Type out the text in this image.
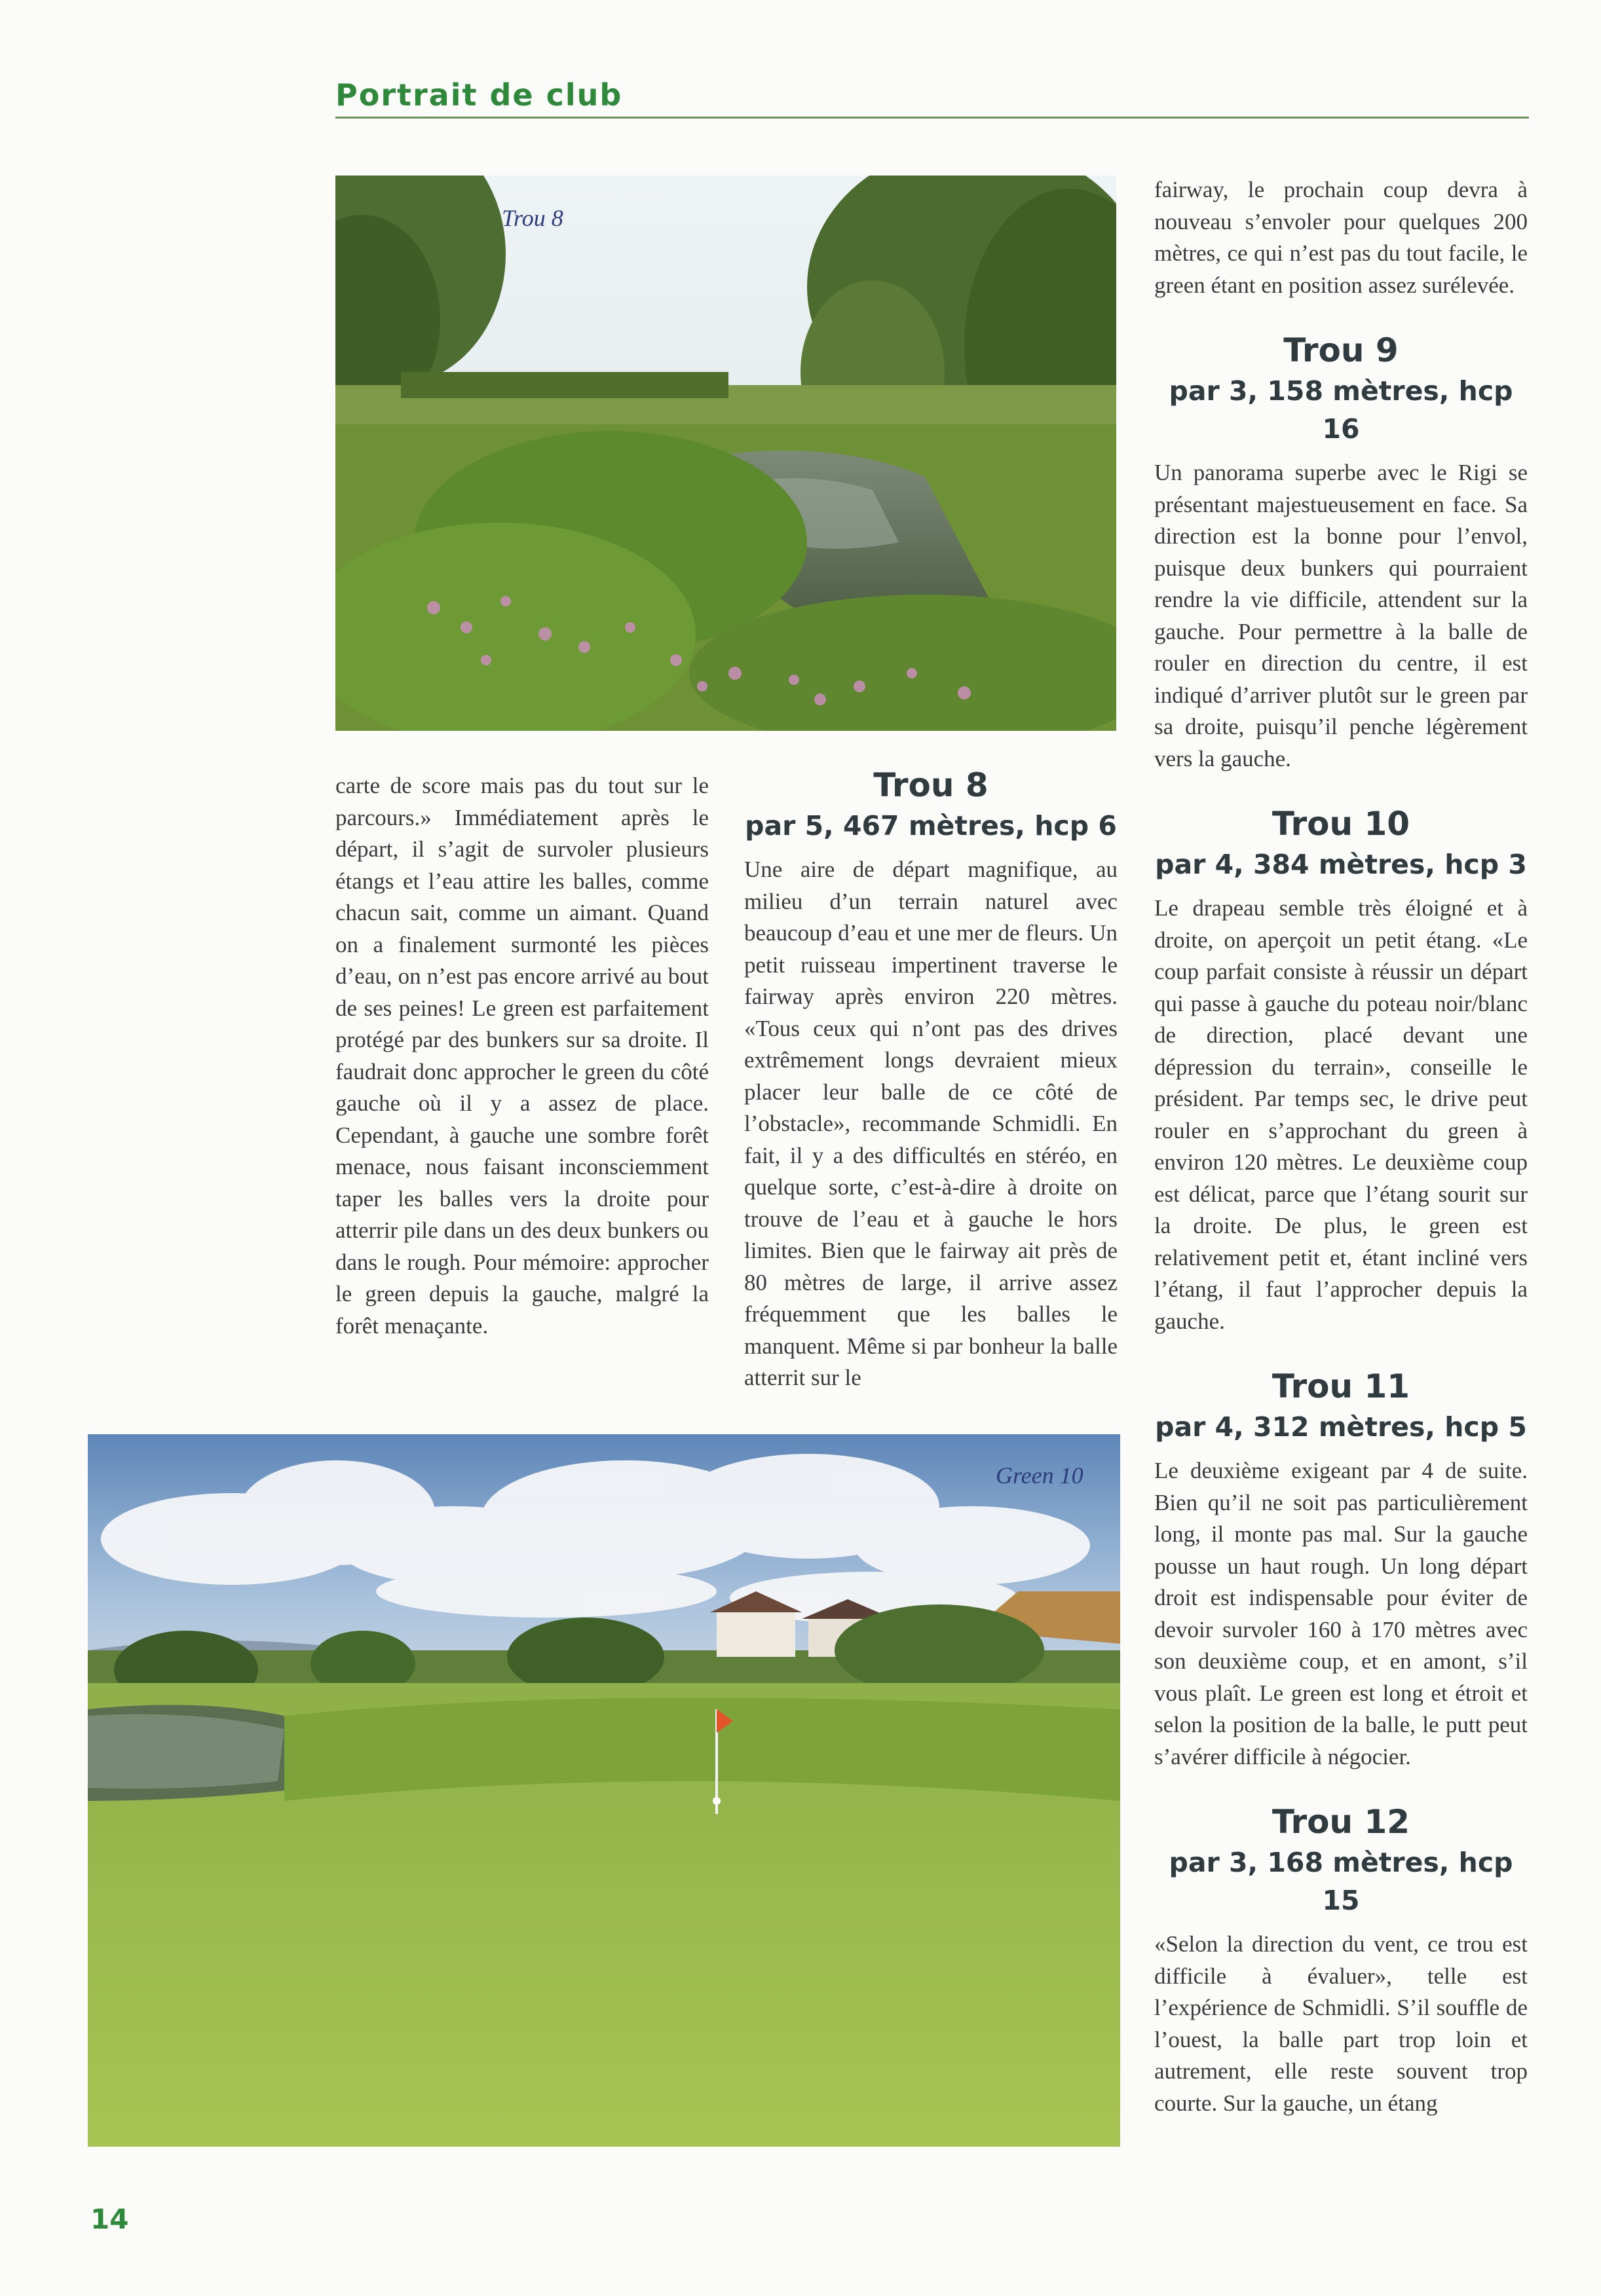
Portrait de club
Trou 8

carte de score mais pas du tout sur le parcours.» Immédiatement après le départ, il s’agit de survoler plusieurs étangs et l’eau attire les balles, comme chacun sait, comme un aimant. Quand on a finalement surmonté les pièces d’eau, on n’est pas encore arrivé au bout de ses peines! Le green est parfaitement protégé par des bunkers sur sa droite. Il faudrait donc approcher le green du côté gauche où il y a assez de place. Cependant, à gauche une sombre forêt menace, nous faisant inconsciemment taper les balles vers la droite pour atterrir pile dans un des deux bunkers ou dans le rough. Pour mémoire: approcher le green depuis la gauche, malgré la forêt menaçante.

Trou 8
par 5, 467 mètres, hcp 6

Une aire de départ magnifique, au milieu d’un terrain naturel avec beaucoup d’eau et une mer de fleurs. Un petit ruisseau impertinent traverse le fairway après environ 220 mètres. «Tous ceux qui n’ont pas des drives extrêmement longs devraient mieux placer leur balle de ce côté de l’obstacle», recommande Schmidli. En fait, il y a des difficultés en stéréo, en quelque sorte, c’est-à-dire à droite on trouve de l’eau et à gauche le hors limites. Bien que le fairway ait près de 80 mètres de large, il arrive assez fréquemment que les balles le manquent. Même si par bonheur la balle atterrit sur le

fairway, le prochain coup devra à nouveau s’envoler pour quelques 200 mètres, ce qui n’est pas du tout facile, le green étant en position assez surélevée.

Trou 9
par 3, 158 mètres, hcp 16

Un panorama superbe avec le Rigi se présentant majestueusement en face. Sa direction est la bonne pour l’envol, puisque deux bunkers qui pourraient rendre la vie difficile, attendent sur la gauche. Pour permettre à la balle de rouler en direction du centre, il est indiqué d’arriver plutôt sur le green par sa droite, puisqu’il penche légèrement vers la gauche.

Trou 10
par 4, 384 mètres, hcp 3

Le drapeau semble très éloigné et à droite, on aperçoit un petit étang. «Le coup parfait consiste à réussir un départ qui passe à gauche du poteau noir/blanc de direction, placé devant une dépression du terrain», conseille le président. Par temps sec, le drive peut rouler en s’approchant du green à environ 120 mètres. Le deuxième coup est délicat, parce que l’étang sourit sur la droite. De plus, le green est relativement petit et, étant incliné vers l’étang, il faut l’approcher depuis la gauche.

Trou 11
par 4, 312 mètres, hcp 5

Le deuxième exigeant par 4 de suite. Bien qu’il ne soit pas particulièrement long, il monte pas mal. Sur la gauche pousse un haut rough. Un long départ droit est indispensable pour éviter de devoir survoler 160 à 170 mètres avec son deuxième coup, et en amont, s’il vous plaît. Le green est long et étroit et selon la position de la balle, le putt peut s’avérer difficile à négocier.

Trou 12
par 3, 168 mètres, hcp 15

«Selon la direction du vent, ce trou est difficile à évaluer», telle est l’expérience de Schmidli. S’il souffle de l’ouest, la balle part trop loin et autrement, elle reste souvent trop courte. Sur la gauche, un étang

Green 10
14
